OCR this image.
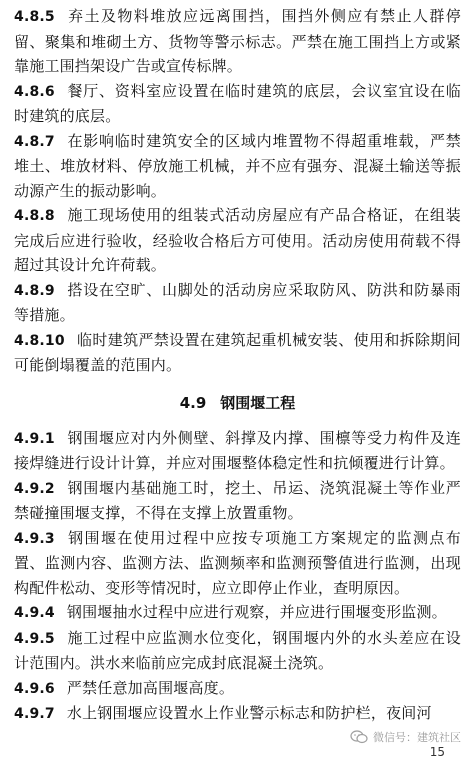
4.8.5 弃土及物料堆放应远离围挡，围挡外侧应有禁止人群停留、聚集和堆砌土方、货物等警示标志。严禁在施工围挡上方或紧靠施工围挡架设广告或宣传标牌。

4.8.6 餐厅、资料室应设置在临时建筑的底层，会议室宜设在临时建筑的底层。

4.8.7 在影响临时建筑安全的区域内堆置物不得超重堆载，严禁堆土、堆放材料、停放施工机械，并不应有强夯、混凝土输送等振动源产生的振动影响。

4.8.8 施工现场使用的组装式活动房屋应有产品合格证，在组装完成后应进行验收，经验收合格后方可使用。活动房使用荷载不得超过其设计允许荷载。

4.8.9 搭设在空旷、山脚处的活动房应采取防风、防洪和防暴雨等措施。

4.8.10 临时建筑严禁设置在建筑起重机械安装、使用和拆除期间可能倒塌覆盖的范围内。

4.9 钢围堰工程

4.9.1 钢围堰应对内外侧壁、斜撑及内撑、围檩等受力构件及连接焊缝进行设计计算，并应对围堰整体稳定性和抗倾覆进行计算。

4.9.2 钢围堰内基础施工时，挖土、吊运、浇筑混凝土等作业严禁碰撞围堰支撑，不得在支撑上放置重物。

4.9.3 钢围堰在使用过程中应按专项施工方案规定的监测点布置、监测内容、监测方法、监测频率和监测预警值进行监测，出现构配件松动、变形等情况时，应立即停止作业，查明原因。

4.9.4 钢围堰抽水过程中应进行观察，并应进行围堰变形监测。

4.9.5 施工过程中应监测水位变化，钢围堰内外的水头差应在设计范围内。洪水来临前应完成封底混凝土浇筑。

4.9.6 严禁任意加高围堰高度。

4.9.7 水上钢围堰应设置水上作业警示标志和防护栏，夜间河

微信号：建筑社区
15
